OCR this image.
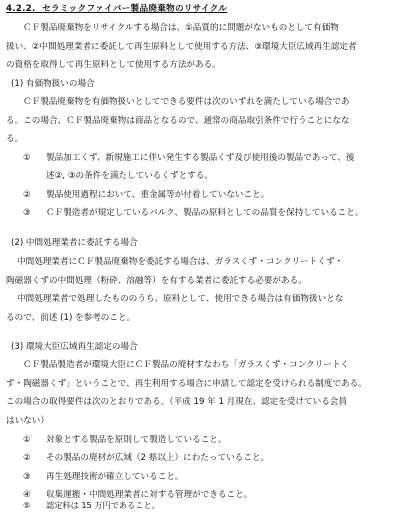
4.2.2. セラミックファイバー製品廃棄物のリサイクル
ＣＦ製品廃棄物をリサイクルする場合は、①品質的に問題がないものとして有価物
扱い、②中間処理業者に委託して再生原料として使用する方法、③環境大臣広域再生認定者
の資格を取得して再生原料として使用する方法がある。
(1) 有価物扱いの場合
ＣＦ製品廃棄物を有価物扱いとしてできる要件は次のいずれを満たしている場合であ
る。この場合、ＣＦ製品廃棄物は商品となるので、通常の商品取引条件で行うことになな
る。
① 製品加工くず、新規施工に伴い発生する製品くず及び使用後の製品であって、後
述②, ③の条件を満たしているくずとする。
② 製品使用過程において、重金属等が付着していないこと。
③ ＣＦ製造者が規定しているバルク、製品の原料としての品質を保持していること。
(2) 中間処理業者に委託する場合
中間処理業者にＣＦ製品廃棄物を委託する場合は、ガラスくず・コンクリートくず・
陶磁器くずの中間処理（粉砕、溶融等）を有する業者に委託する必要がある。
中間処理業者で処理したもののうち、原料として、使用できる場合は有価物扱いとな
るので、前述 (1) を参考のこと。
(3) 環境大臣広域再生認定の場合
ＣＦ製品製造者が環境大臣にＣＦ製品の廃材すなわち「ガラスくず・コンクリートく
ず・陶磁器くず」ということで、再生利用する場合に申請して認定を受けられる制度である。
この場合の取得要件は次のとおりである。（平成 19 年 1 月現在、認定を受けている会員
はいない）
① 対象とする製品を原則して製造していること。
② その製品の廃材が広域（2 県以上）にわたっていること。
③ 再生処理技術が確立していること。
④ 収集運搬・中間処理業者に対する管理ができること。
⑤ 認定料は 15 万円であること。
